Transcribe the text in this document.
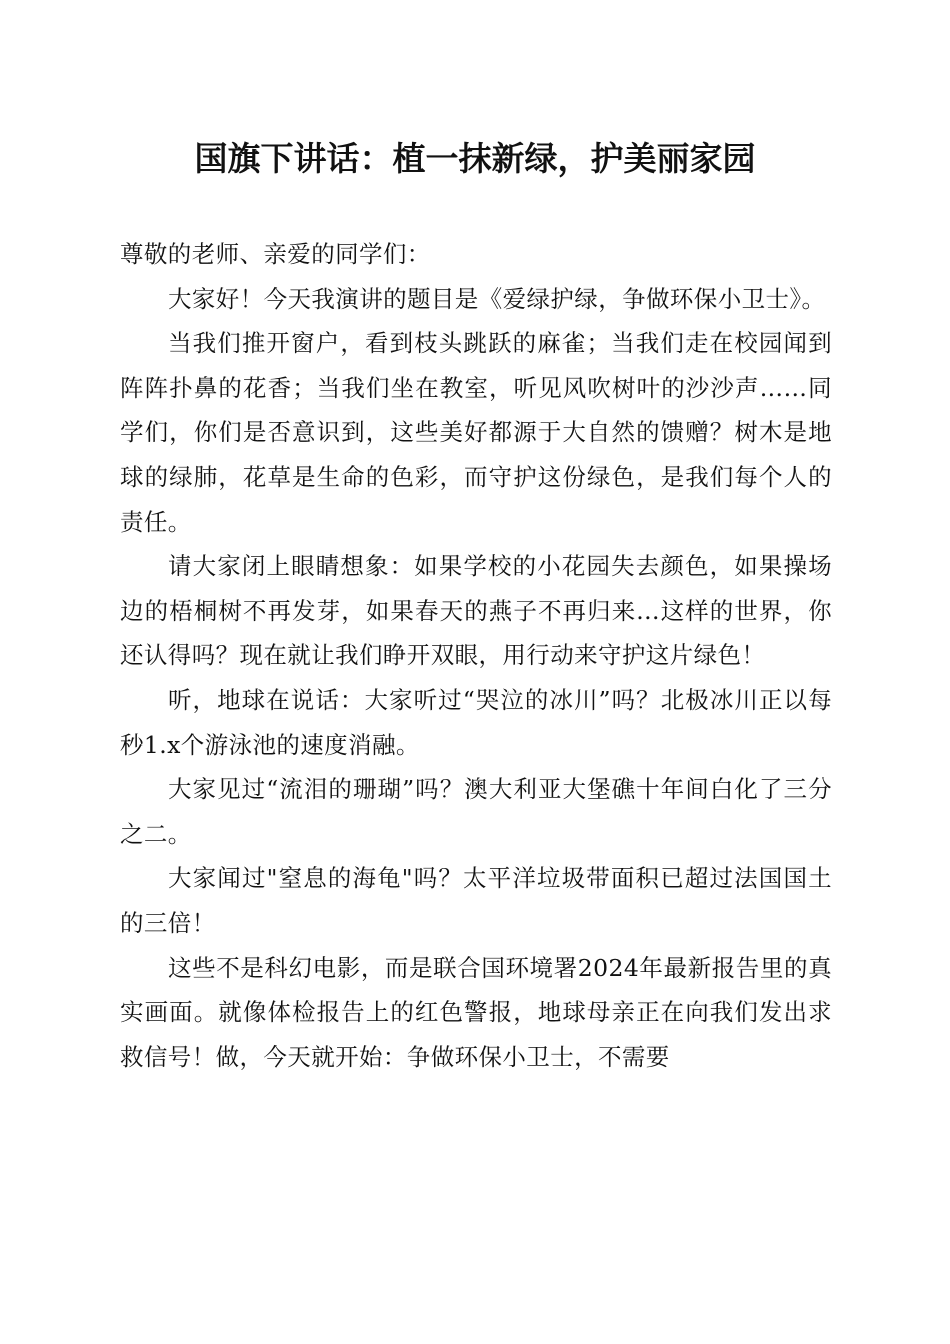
国旗下讲话：植一抹新绿，护美丽家园

尊敬的老师、亲爱的同学们：

大家好！今天我演讲的题目是《爱绿护绿，争做环保小卫士》。

当我们推开窗户，看到枝头跳跃的麻雀；当我们走在校园闻到阵阵扑鼻的花香；当我们坐在教室，听见风吹树叶的沙沙声……同学们，你们是否意识到，这些美好都源于大自然的馈赠？树木是地球的绿肺，花草是生命的色彩，而守护这份绿色，是我们每个人的责任。

请大家闭上眼睛想象：如果学校的小花园失去颜色，如果操场边的梧桐树不再发芽，如果春天的燕子不再归来...这样的世界，你还认得吗？现在就让我们睁开双眼，用行动来守护这片绿色！

听，地球在说话：大家听过“哭泣的冰川”吗？北极冰川正以每秒1.x个游泳池的速度消融。

大家见过“流泪的珊瑚”吗？澳大利亚大堡礁十年间白化了三分之二。

大家闻过"窒息的海龟"吗？太平洋垃圾带面积已超过法国国土的三倍！

这些不是科幻电影，而是联合国环境署2024年最新报告里的真实画面。就像体检报告上的红色警报，地球母亲正在向我们发出求救信号！做，今天就开始：争做环保小卫士，不需要
